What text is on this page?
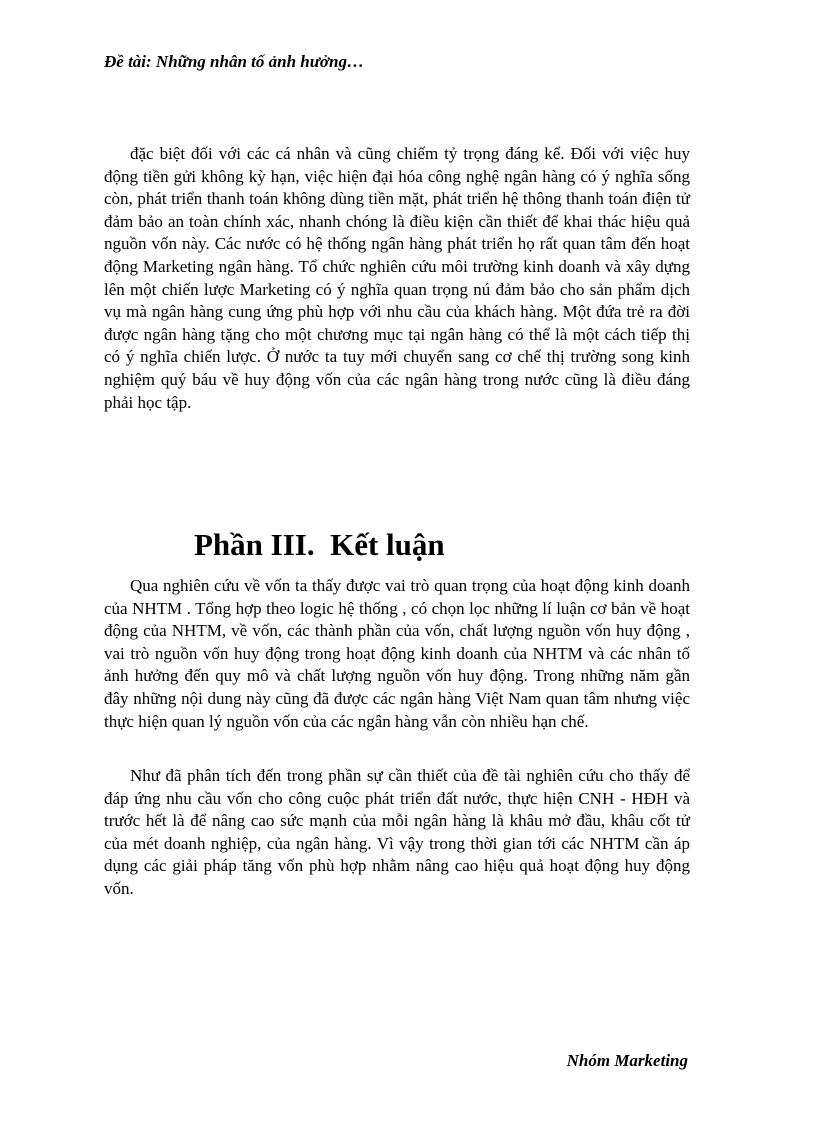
Đề tài: Những nhân tố ảnh hưởng…
đặc biệt đối với các cá nhân và cũng chiếm tỷ trọng đáng kể. Đối với việc huy động tiền gửi không kỳ hạn, việc hiện đại hóa công nghệ ngân hàng có ý nghĩa sống còn, phát triển thanh toán không dùng tiền mặt, phát triển hệ thông thanh toán điện tử đảm bảo an toàn chính xác, nhanh chóng là điều kiện cần thiết để khai thác hiệu quả nguồn vốn này. Các nước có hệ thống ngân hàng phát triển họ rất quan tâm đến hoạt động Marketing ngân hàng. Tổ chức nghiên cứu môi trường kinh doanh và xây dựng lên một chiến lược Marketing có ý nghĩa quan trọng nú đảm bảo cho sản phẩm dịch vụ mà ngân hàng cung ứng phù hợp với nhu cầu của khách hàng. Một đứa trẻ ra đời được ngân hàng tặng cho một chương mục tại ngân hàng có thể là một cách tiếp thị có ý nghĩa chiến lược. Ở nước ta tuy mới chuyển sang cơ chế thị trường song kinh nghiệm quý báu về huy động vốn của các ngân hàng trong nước cũng là điều đáng phải học tập.
Phần III.  Kết luận
Qua nghiên cứu về vốn ta thấy được vai trò quan trọng của hoạt động kinh doanh của NHTM . Tổng hợp theo logic hệ thống , có chọn lọc những lí luận cơ bản về hoạt động của NHTM, về vốn, các thành phần của vốn, chất lượng nguồn vốn huy động , vai trò nguồn vốn huy động trong hoạt động kinh doanh của NHTM và các nhân tố ảnh hưởng đến quy mô và chất lượng nguồn vốn huy động. Trong những năm gần đây những nội dung này cũng đã được các ngân hàng Việt Nam quan tâm nhưng việc thực hiện quan lý nguồn vốn của các ngân hàng vẫn còn nhiều hạn chế.
Như đã phân tích đến trong phần sự cần thiết của đề tài nghiên cứu cho thấy để đáp ứng nhu cầu vốn cho công cuộc phát triển đất nước, thực hiện CNH - HĐH và trước hết là để nâng cao sức mạnh của mỗi ngân hàng là khâu mở đầu, khâu cốt tử của mét doanh nghiệp, của ngân hàng. Vì vậy trong thời gian tới các NHTM cần áp dụng các giải pháp tăng vốn phù hợp nhằm nâng cao hiệu quả hoạt động huy động vốn.
Nhóm Marketing
